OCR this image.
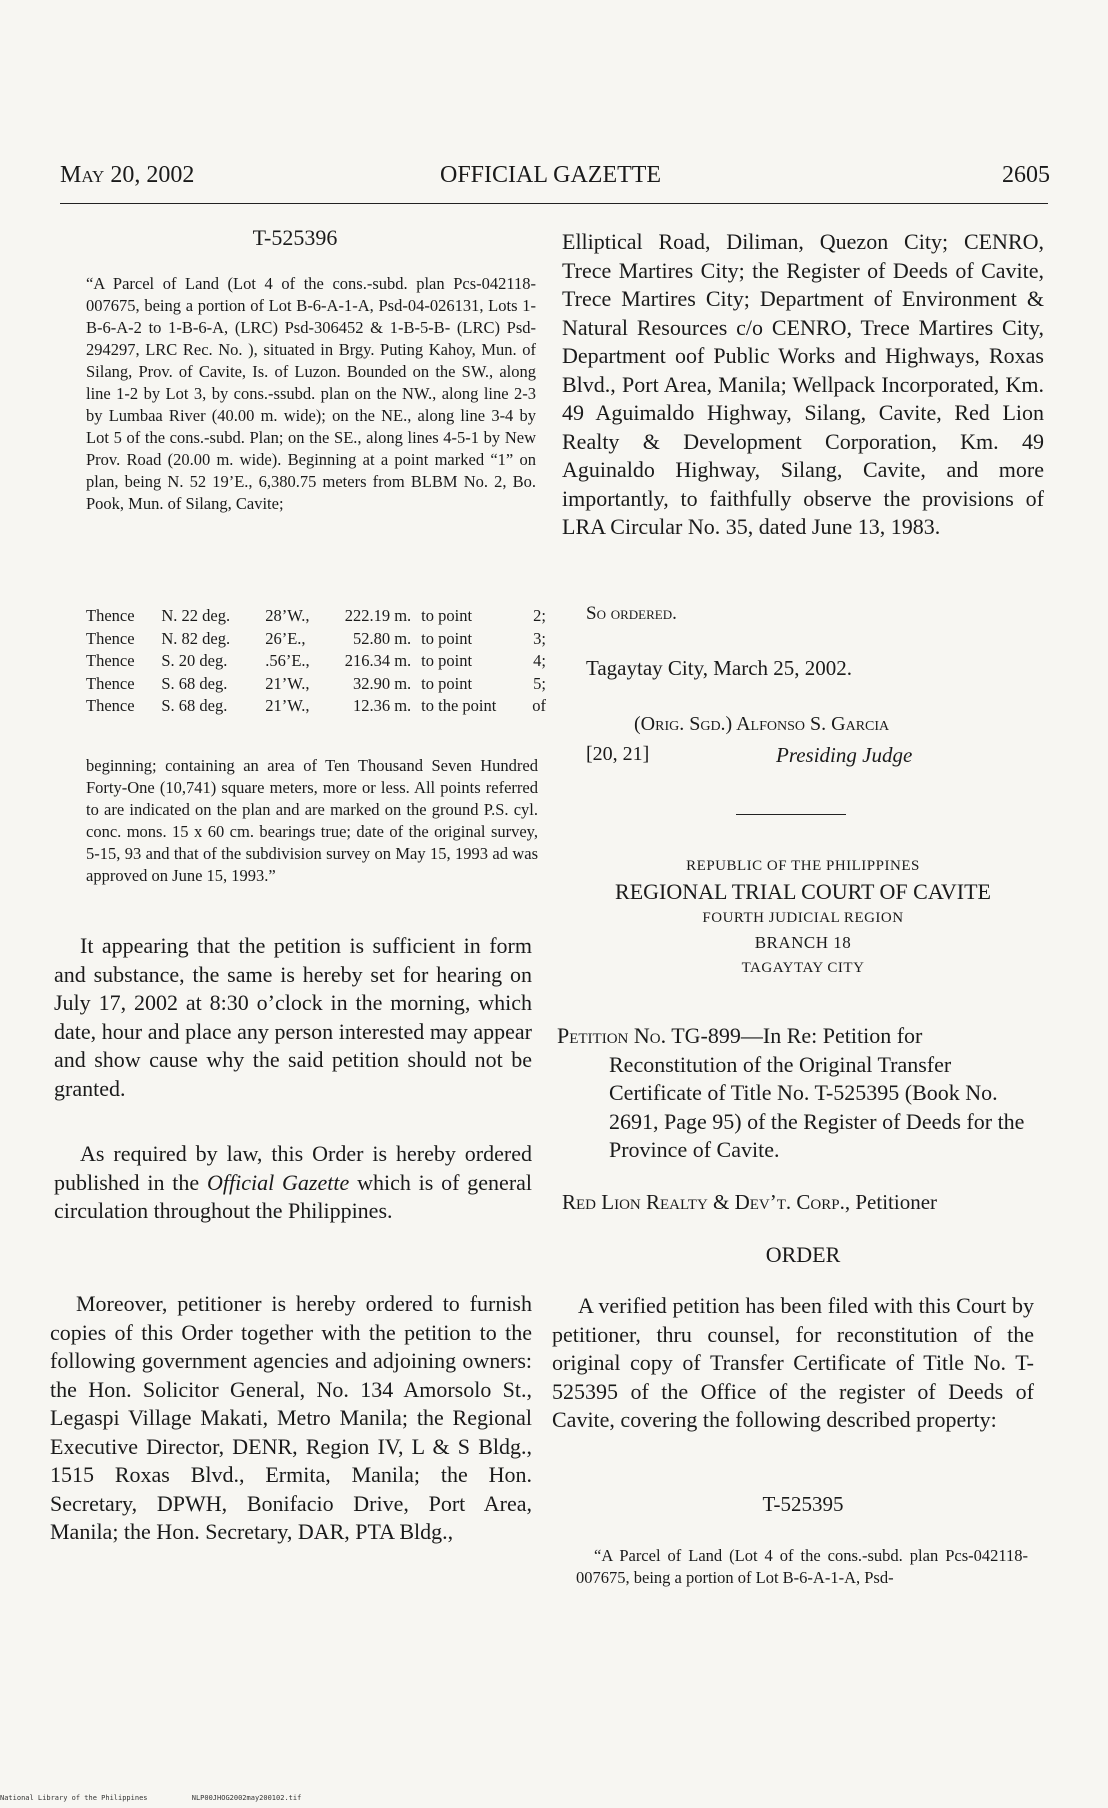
May 20, 2002	OFFICIAL GAZETTE	2605
T-525396

“A Parcel of Land (Lot 4 of the cons.-subd. plan Pcs-042118-007675, being a portion of Lot B-6-A-1-A, Psd-04-026131, Lots 1-B-6-A-2 to 1-B-6-A, (LRC) Psd-306452 & 1-B-5-B- (LRC) Psd-294297, LRC Rec. No. ), situated in Brgy. Puting Kahoy, Mun. of Silang, Prov. of Cavite, Is. of Luzon. Bounded on the SW., along line 1-2 by Lot 3, by cons.-ssubd. plan on the NW., along line 2-3 by Lumbaa River (40.00 m. wide); on the NE., along line 3-4 by Lot 5 of the cons.-subd. Plan; on the SE., along lines 4-5-1 by New Prov. Road (20.00 m. wide). Beginning at a point marked “1” on plan, being N. 52 19’E., 6,380.75 meters from BLBM No. 2, Bo. Pook, Mun. of Silang, Cavite;

Thence	N. 22 deg.	28’W.,	222.19 m.	to point	2;
Thence	N. 82 deg.	26’E.,	52.80 m.	to point	3;
Thence	S. 20 deg.	.56’E.,	216.34 m.	to point	4;
Thence	S. 68 deg.	21’W.,	32.90 m.	to point	5;
Thence	S. 68 deg.	21’W.,	12.36 m.	to the point	of

beginning; containing an area of Ten Thousand Seven Hundred Forty-One (10,741) square meters, more or less. All points referred to are indicated on the plan and are marked on the ground P.S. cyl. conc. mons. 15 x 60 cm. bearings true; date of the original survey, 5-15, 93 and that of the subdivision survey on May 15, 1993 ad was approved on June 15, 1993.”

It appearing that the petition is sufficient in form and substance, the same is hereby set for hearing on July 17, 2002 at 8:30 o’clock in the morning, which date, hour and place any person interested may appear and show cause why the said petition should not be granted.

As required by law, this Order is hereby ordered published in the Official Gazette which is of general circulation throughout the Philippines.

Moreover, petitioner is hereby ordered to furnish copies of this Order together with the petition to the following government agencies and adjoining owners: the Hon. Solicitor General, No. 134 Amorsolo St., Legaspi Village Makati, Metro Manila; the Regional Executive Director, DENR, Region IV, L & S Bldg., 1515 Roxas Blvd., Ermita, Manila; the Hon. Secretary, DPWH, Bonifacio Drive, Port Area, Manila; the Hon. Secretary, DAR, PTA Bldg.,

Elliptical Road, Diliman, Quezon City; CENRO, Trece Martires City; the Register of Deeds of Cavite, Trece Martires City; Department of Environment & Natural Resources c/o CENRO, Trece Martires City, Department oof Public Works and Highways, Roxas Blvd., Port Area, Manila; Wellpack Incorporated, Km. 49 Aguimaldo Highway, Silang, Cavite, Red Lion Realty & Development Corporation, Km. 49 Aguinaldo Highway, Silang, Cavite, and more importantly, to faithfully observe the provisions of LRA Circular No. 35, dated June 13, 1983.

So ordered.
Tagaytay City, March 25, 2002.
(Orig. Sgd.) Alfonso S. Garcia
[20, 21]	Presiding Judge
REPUBLIC OF THE PHILIPPINES
REGIONAL TRIAL COURT OF CAVITE
FOURTH JUDICIAL REGION
BRANCH 18
TAGAYTAY CITY

Petition No. TG-899—In Re: Petition for Reconstitution of the Original Transfer Certificate of Title No. T-525395 (Book No. 2691, Page 95) of the Register of Deeds for the Province of Cavite.

Red Lion Realty & Dev’t. Corp., Petitioner
ORDER

A verified petition has been filed with this Court by petitioner, thru counsel, for reconstitution of the original copy of Transfer Certificate of Title No. T-525395 of the Office of the register of Deeds of Cavite, covering the following described property:

T-525395

“A Parcel of Land (Lot 4 of the cons.-subd. plan Pcs-042118-007675, being a portion of Lot B-6-A-1-A, Psd-

National Library of the Philippines	NLP00JHOG2002may200102.tif
